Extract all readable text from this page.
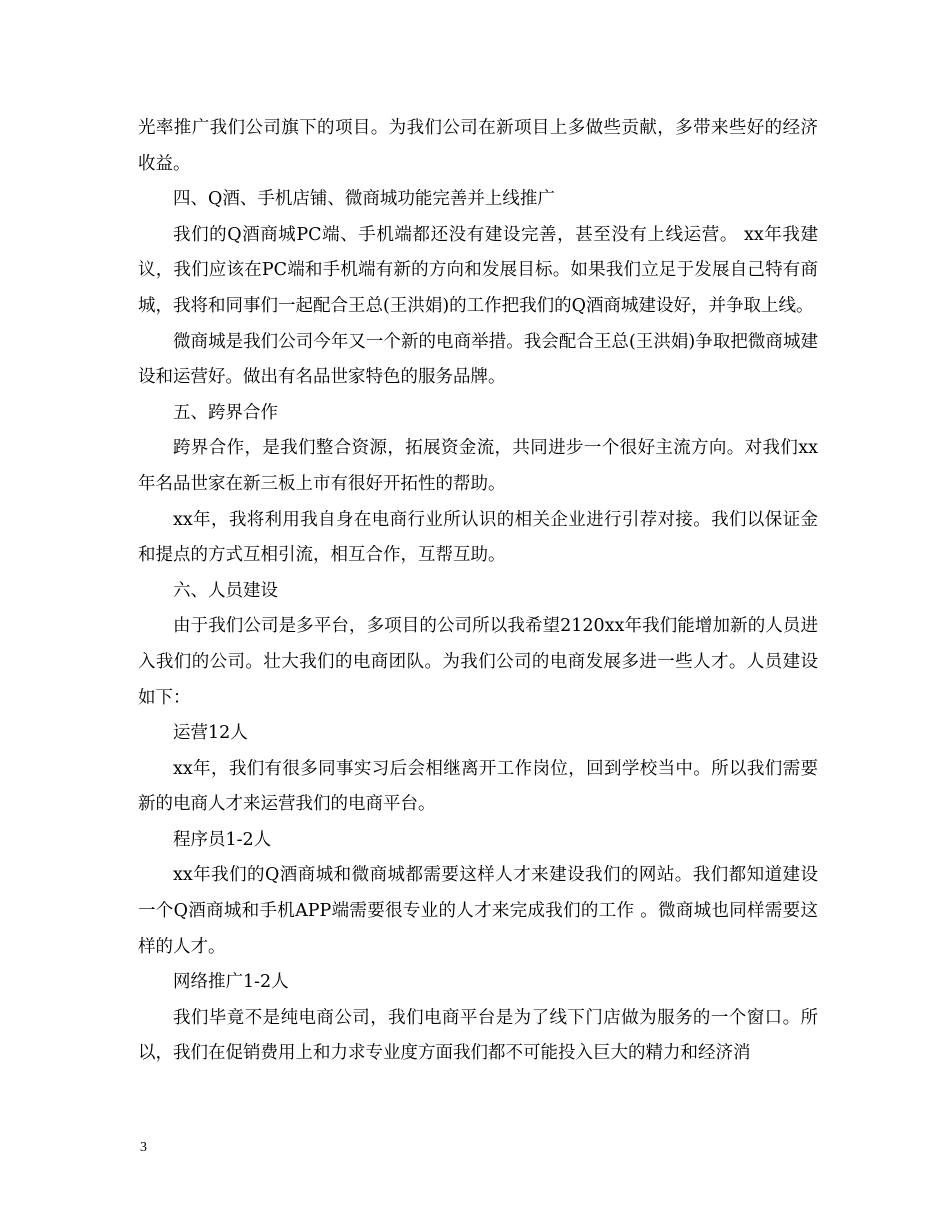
光率推广我们公司旗下的项目。为我们公司在新项目上多做些贡献，多带来些好的经济收益。

四、Q酒、手机店铺、微商城功能完善并上线推广

我们的Q酒商城PC端、手机端都还没有建设完善，甚至没有上线运营。 xx年我建议，我们应该在PC端和手机端有新的方向和发展目标。如果我们立足于发展自己特有商城，我将和同事们一起配合王总(王洪娟)的工作把我们的Q酒商城建设好，并争取上线。

微商城是我们公司今年又一个新的电商举措。我会配合王总(王洪娟)争取把微商城建设和运营好。做出有名品世家特色的服务品牌。

五、跨界合作

跨界合作，是我们整合资源，拓展资金流，共同进步一个很好主流方向。对我们xx年名品世家在新三板上市有很好开拓性的帮助。

xx年，我将利用我自身在电商行业所认识的相关企业进行引荐对接。我们以保证金和提点的方式互相引流，相互合作，互帮互助。

六、人员建设

由于我们公司是多平台，多项目的公司所以我希望2120xx年我们能增加新的人员进入我们的公司。壮大我们的电商团队。为我们公司的电商发展多进一些人才。人员建设如下：

运营12人

xx年，我们有很多同事实习后会相继离开工作岗位，回到学校当中。所以我们需要新的电商人才来运营我们的电商平台。

程序员1-2人

xx年我们的Q酒商城和微商城都需要这样人才来建设我们的网站。我们都知道建设一个Q酒商城和手机APP端需要很专业的人才来完成我们的工作 。微商城也同样需要这样的人才。

网络推广1-2人

我们毕竟不是纯电商公司，我们电商平台是为了线下门店做为服务的一个窗口。所以，我们在促销费用上和力求专业度方面我们都不可能投入巨大的精力和经济消

3
